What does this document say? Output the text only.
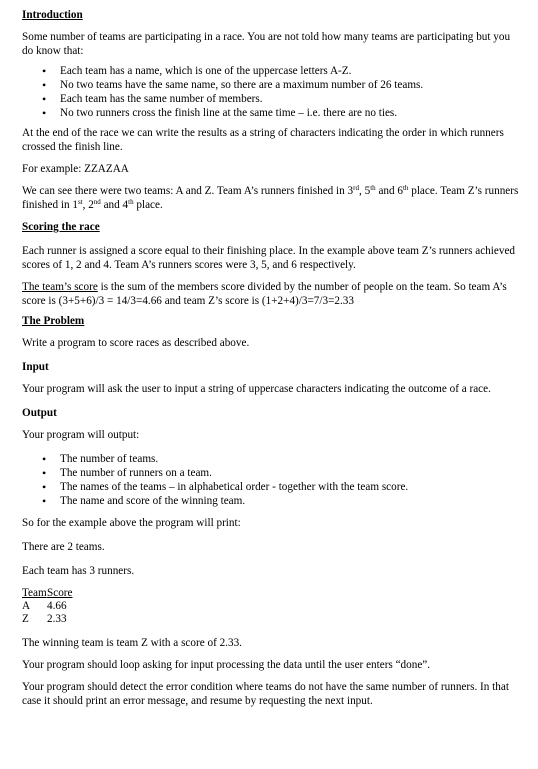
Introduction

Some number of teams are participating in a race. You are not told how many teams are participating but you do know that:

• Each team has a name, which is one of the uppercase letters A-Z.
• No two teams have the same name, so there are a maximum number of 26 teams.
• Each team has the same number of members.
• No two runners cross the finish line at the same time – i.e. there are no ties.

At the end of the race we can write the results as a string of characters indicating the order in which runners crossed the finish line.

For example: ZZAZAA

We can see there were two teams: A and Z. Team A’s runners finished in 3rd, 5th and 6th place. Team Z’s runners finished in 1st, 2nd and 4th place.

Scoring the race

Each runner is assigned a score equal to their finishing place. In the example above team Z’s runners achieved scores of 1, 2 and 4. Team A’s runners scores were 3, 5, and 6 respectively.

The team’s score is the sum of the members score divided by the number of people on the team. So team A’s score is (3+5+6)/3 = 14/3=4.66 and team Z’s score is (1+2+4)/3=7/3=2.33

The Problem

Write a program to score races as described above.

Input

Your program will ask the user to input a string of uppercase characters indicating the outcome of a race.

Output

Your program will output:

• The number of teams.
• The number of runners on a team.
• The names of the teams – in alphabetical order - together with the team score.
• The name and score of the winning team.

So for the example above the program will print:

There are 2 teams.

Each team has 3 runners.

Team	Score
A	4.66
Z	2.33

The winning team is team Z with a score of 2.33.

Your program should loop asking for input processing the data until the user enters “done”.

Your program should detect the error condition where teams do not have the same number of runners. In that case it should print an error message, and resume by requesting the next input.
